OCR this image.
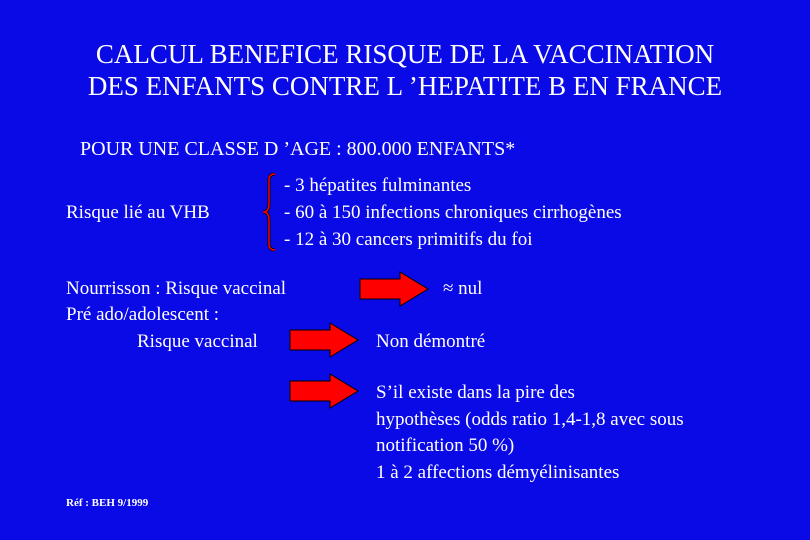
CALCUL BENEFICE RISQUE DE LA VACCINATION
DES ENFANTS CONTRE L ’HEPATITE B EN FRANCE
POUR UNE CLASSE D ’AGE : 800.000 ENFANTS*
Risque lié au VHB
- 3 hépatites fulminantes
- 60 à 150 infections chroniques cirrhogènes
- 12 à 30 cancers primitifs du foi
Nourrisson : Risque vaccinal	≈ nul
Pré ado/adolescent :
Risque vaccinal	Non démontré
S’il existe dans la pire des
hypothèses (odds ratio 1,4-1,8 avec sous
notification 50 %)
1 à 2 affections démyélinisantes
Réf : BEH 9/1999
